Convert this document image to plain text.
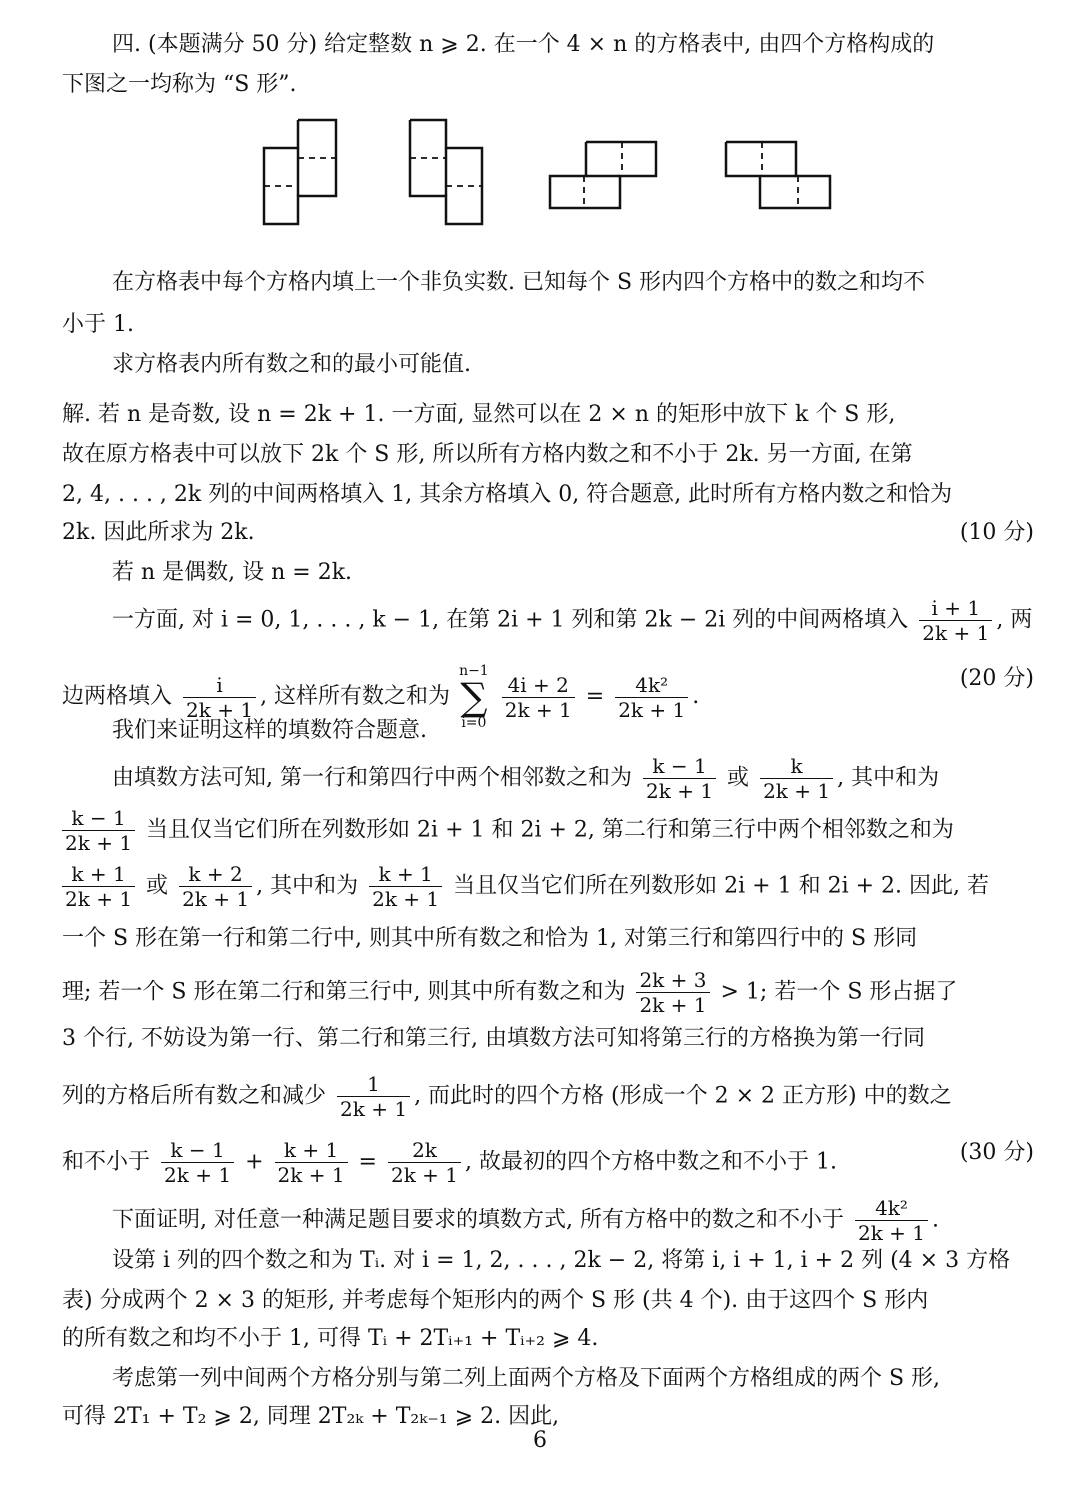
四. (本题满分 50 分) 给定整数 n ⩾ 2. 在一个 4 × n 的方格表中, 由四个方格构成的
下图之一均称为 “S 形”.
在方格表中每个方格内填上一个非负实数. 已知每个 S 形内四个方格中的数之和均不
小于 1.
求方格表内所有数之和的最小可能值.
解. 若 n 是奇数, 设 n = 2k + 1. 一方面, 显然可以在 2 × n 的矩形中放下 k 个 S 形,
故在原方格表中可以放下 2k 个 S 形, 所以所有方格内数之和不小于 2k. 另一方面, 在第
2, 4, . . . , 2k 列的中间两格填入 1, 其余方格填入 0, 符合题意, 此时所有方格内数之和恰为
2k. 因此所求为 2k.	(10 分)
若 n 是偶数, 设 n = 2k.
一方面, 对 i = 0, 1, . . . , k − 1, 在第 2i + 1 列和第 2k − 2i 列的中间两格填入 $\frac{i + 1}{2k + 1}$ , 两
边两格填入 $\frac{i}{2k + 1}$ , 这样所有数之和为
n−1
∑
i=0

$\frac{4i + 2}{2k + 1} = \frac{\text{4k²}}{2k + 1}$ .
(20 分)
我们来证明这样的填数符合题意.
由填数方法可知, 第一行和第四行中两个相邻数之和为 $\frac{k - 1}{2k + 1}$ 或 $\frac{k}{2k + 1}$ , 其中和为
$\frac{k - 1}{2k + 1}$ 当且仅当它们所在列数形如 2i + 1 和 2i + 2, 第二行和第三行中两个相邻数之和为
$\frac{k + 1}{2k + 1}$ 或 $\frac{k + 2}{2k + 1}$ , 其中和为 $\frac{k + 1}{2k + 1}$ 当且仅当它们所在列数形如 2i + 1 和 2i + 2. 因此, 若
一个 S 形在第一行和第二行中, 则其中所有数之和恰为 1, 对第三行和第四行中的 S 形同
理; 若一个 S 形在第二行和第三行中, 则其中所有数之和为 $\frac{2k + 3}{2k + 1} > 1$; 若一个 S 形占据了
3 个行, 不妨设为第一行、第二行和第三行, 由填数方法可知将第三行的方格换为第一行同
列的方格后所有数之和减少 $\frac{1}{2k + 1}$ , 而此时的四个方格 (形成一个 2 × 2 正方形) 中的数之
和不小于 $\frac{k - 1}{2k + 1} + \frac{k + 1}{2k + 1} = \frac{2k}{2k + 1}$ , 故最初的四个方格中数之和不小于 1.	(30 分)
下面证明, 对任意一种满足题目要求的填数方式, 所有方格中的数之和不小于 $\frac{\text{4k²}}{2k + 1}$ .
设第 i 列的四个数之和为 Tᵢ. 对 i = 1, 2, . . . , 2k − 2, 将第 i, i + 1, i + 2 列 (4 × 3 方格
表) 分成两个 2 × 3 的矩形, 并考虑每个矩形内的两个 S 形 (共 4 个). 由于这四个 S 形内
的所有数之和均不小于 1, 可得 Tᵢ + 2Tᵢ₊₁ + Tᵢ₊₂ ⩾ 4.
考虑第一列中间两个方格分别与第二列上面两个方格及下面两个方格组成的两个 S 形,
可得 2T₁ + T₂ ⩾ 2, 同理 2T₂ₖ + T₂ₖ₋₁ ⩾ 2. 因此,
6
